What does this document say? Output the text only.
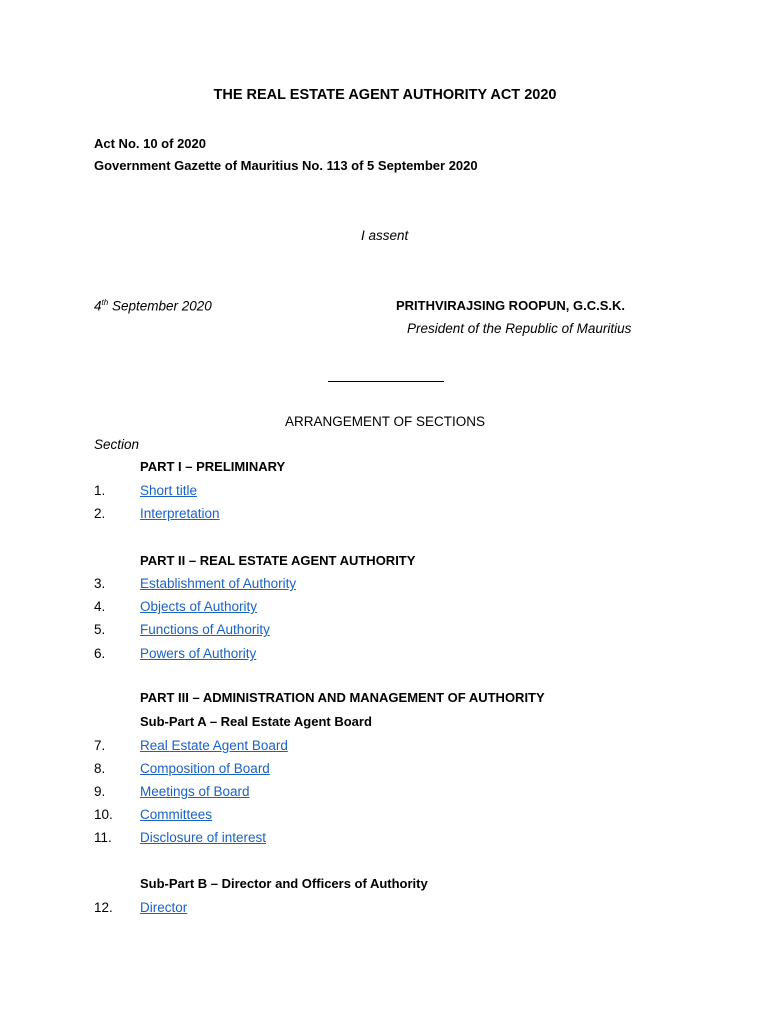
THE REAL ESTATE AGENT AUTHORITY ACT 2020
Act No. 10 of 2020
Government Gazette of Mauritius No. 113 of 5 September 2020
I assent
4th September 2020	PRITHVIRAJSING ROOPUN, G.C.S.K.
President of the Republic of Mauritius
ARRANGEMENT OF SECTIONS
Section
PART I – PRELIMINARY
1.	Short title
2.	Interpretation
PART II – REAL ESTATE AGENT AUTHORITY
3.	Establishment of Authority
4.	Objects of Authority
5.	Functions of Authority
6.	Powers of Authority
PART III – ADMINISTRATION AND MANAGEMENT OF AUTHORITY
Sub-Part A – Real Estate Agent Board
7.	Real Estate Agent Board
8.	Composition of Board
9.	Meetings of Board
10. Committees
11. Disclosure of interest
Sub-Part B – Director and Officers of Authority
12. Director
